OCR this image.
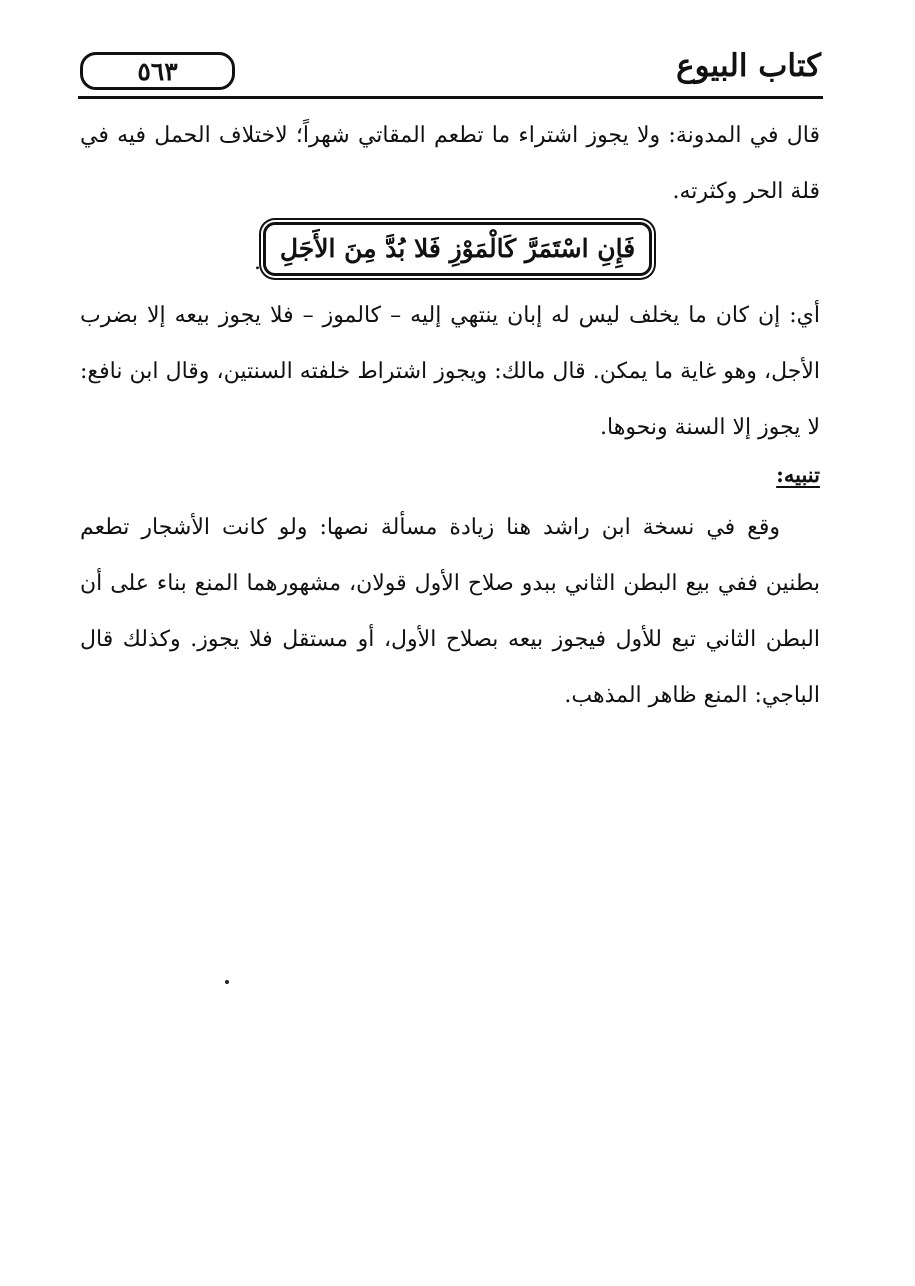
٥٦٣	كتاب البيوع

قال في المدونة: ولا يجوز اشتراء ما تطعم المقاتي شهراً؛ لاختلاف الحمل فيه في قلة الحر وكثرته.

فَإِنِ اسْتَمَرَّ كَالْمَوْزِ فَلا بُدَّ مِنَ الأَجَلِ
.

أي: إن كان ما يخلف ليس له إبان ينتهي إليه – كالموز – فلا يجوز بيعه إلا بضرب الأجل، وهو غاية ما يمكن. قال مالك: ويجوز اشتراط خلفته السنتين، وقال ابن نافع: لا يجوز إلا السنة ونحوها.

تنبيه:

وقع في نسخة ابن راشد هنا زيادة مسألة نصها: ولو كانت الأشجار تطعم بطنين ففي بيع البطن الثاني ببدو صلاح الأول قولان، مشهورهما المنع بناء على أن البطن الثاني تبع للأول فيجوز بيعه بصلاح الأول، أو مستقل فلا يجوز. وكذلك قال الباجي: المنع ظاهر المذهب.
